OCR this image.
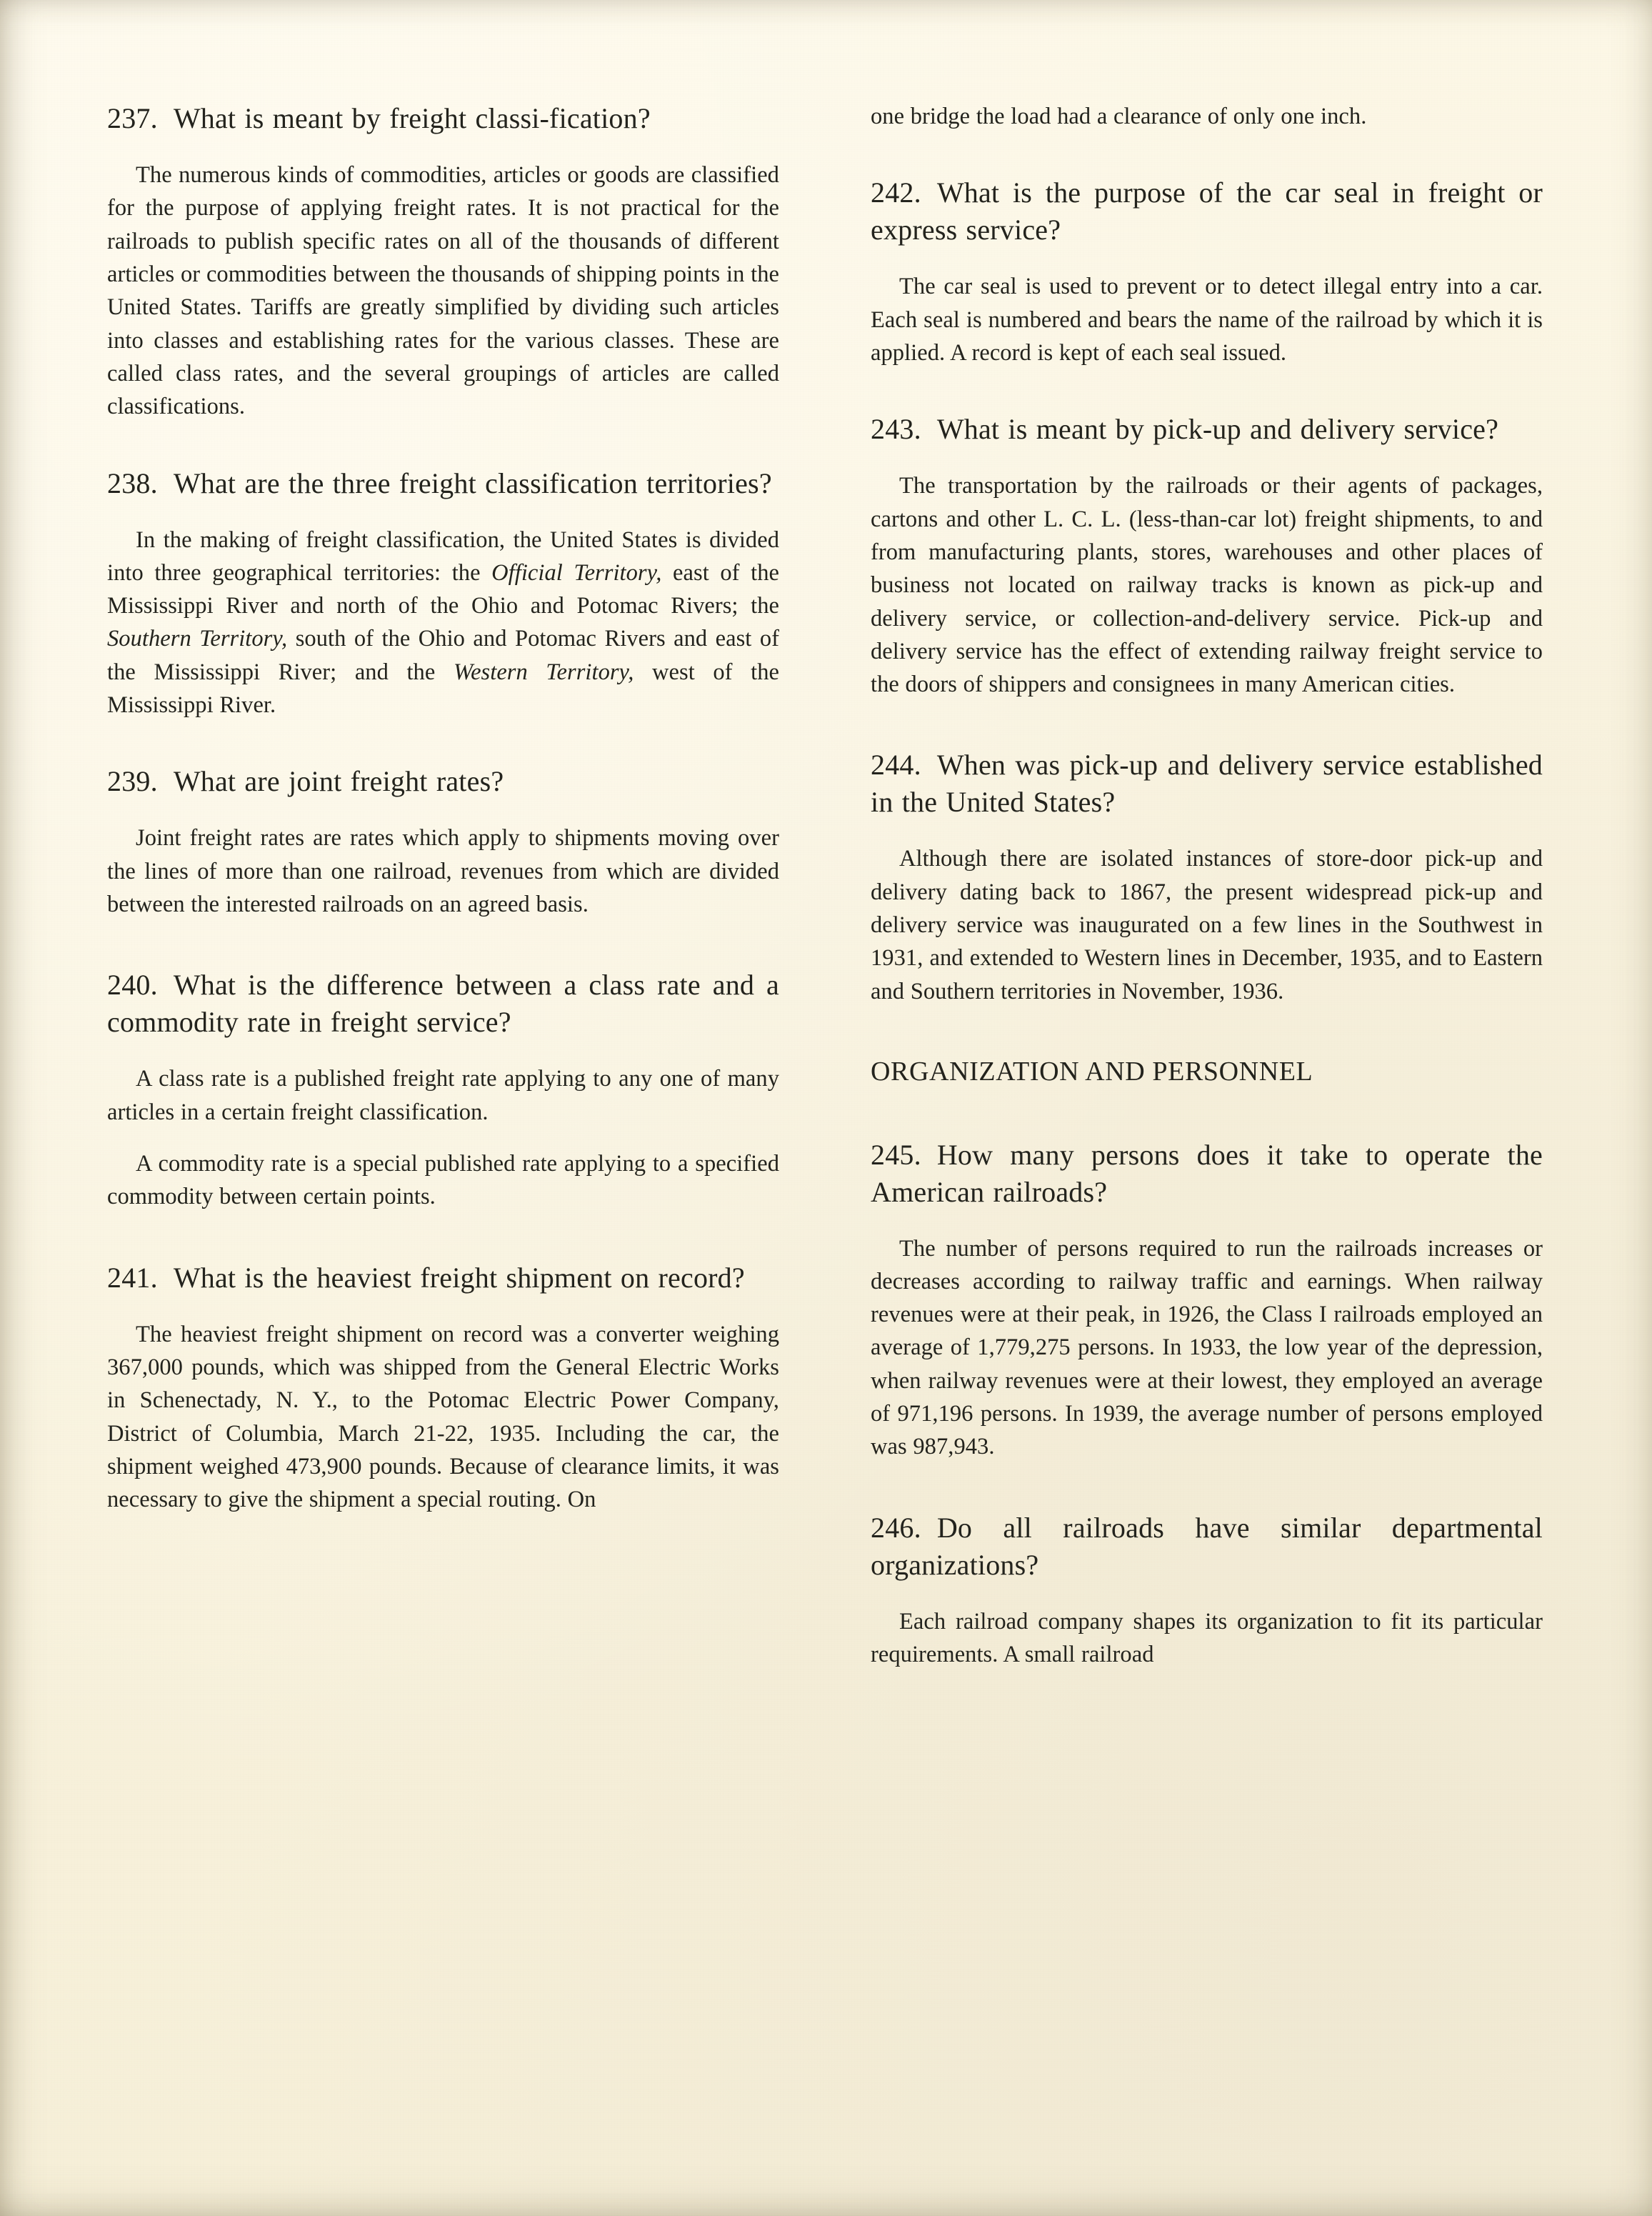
237. What is meant by freight classi-fication?

The numerous kinds of commodities, articles or goods are classified for the purpose of applying freight rates. It is not practical for the railroads to publish specific rates on all of the thousands of different articles or commodities between the thousands of shipping points in the United States. Tariffs are greatly simplified by dividing such articles into classes and establishing rates for the various classes. These are called class rates, and the several groupings of articles are called classifications.

238. What are the three freight classification territories?

In the making of freight classification, the United States is divided into three geographical territories: the Official Territory, east of the Mississippi River and north of the Ohio and Potomac Rivers; the Southern Territory, south of the Ohio and Potomac Rivers and east of the Mississippi River; and the Western Territory, west of the Mississippi River.

239. What are joint freight rates?

Joint freight rates are rates which apply to shipments moving over the lines of more than one railroad, revenues from which are divided between the interested railroads on an agreed basis.

240. What is the difference between a class rate and a commodity rate in freight service?

A class rate is a published freight rate applying to any one of many articles in a certain freight classification.

A commodity rate is a special published rate applying to a specified commodity between certain points.

241. What is the heaviest freight shipment on record?

The heaviest freight shipment on record was a converter weighing 367,000 pounds, which was shipped from the General Electric Works in Schenectady, N. Y., to the Potomac Electric Power Company, District of Columbia, March 21-22, 1935. Including the car, the shipment weighed 473,900 pounds. Because of clearance limits, it was necessary to give the shipment a special routing. On

one bridge the load had a clearance of only one inch.

242. What is the purpose of the car seal in freight or express service?

The car seal is used to prevent or to detect illegal entry into a car. Each seal is numbered and bears the name of the railroad by which it is applied. A record is kept of each seal issued.

243. What is meant by pick-up and delivery service?

The transportation by the railroads or their agents of packages, cartons and other L. C. L. (less-than-car lot) freight shipments, to and from manufacturing plants, stores, warehouses and other places of business not located on railway tracks is known as pick-up and delivery service, or collection-and-delivery service. Pick-up and delivery service has the effect of extending railway freight service to the doors of shippers and consignees in many American cities.

244. When was pick-up and delivery service established in the United States?

Although there are isolated instances of store-door pick-up and delivery dating back to 1867, the present widespread pick-up and delivery service was inaugurated on a few lines in the Southwest in 1931, and extended to Western lines in December, 1935, and to Eastern and Southern territories in November, 1936.

ORGANIZATION AND PERSONNEL
245. How many persons does it take to operate the American railroads?

The number of persons required to run the railroads increases or decreases according to railway traffic and earnings. When railway revenues were at their peak, in 1926, the Class I railroads employed an average of 1,779,275 persons. In 1933, the low year of the depression, when railway revenues were at their lowest, they employed an average of 971,196 persons. In 1939, the average number of persons employed was 987,943.

246. Do all railroads have similar departmental organizations?

Each railroad company shapes its organization to fit its particular requirements. A small railroad
